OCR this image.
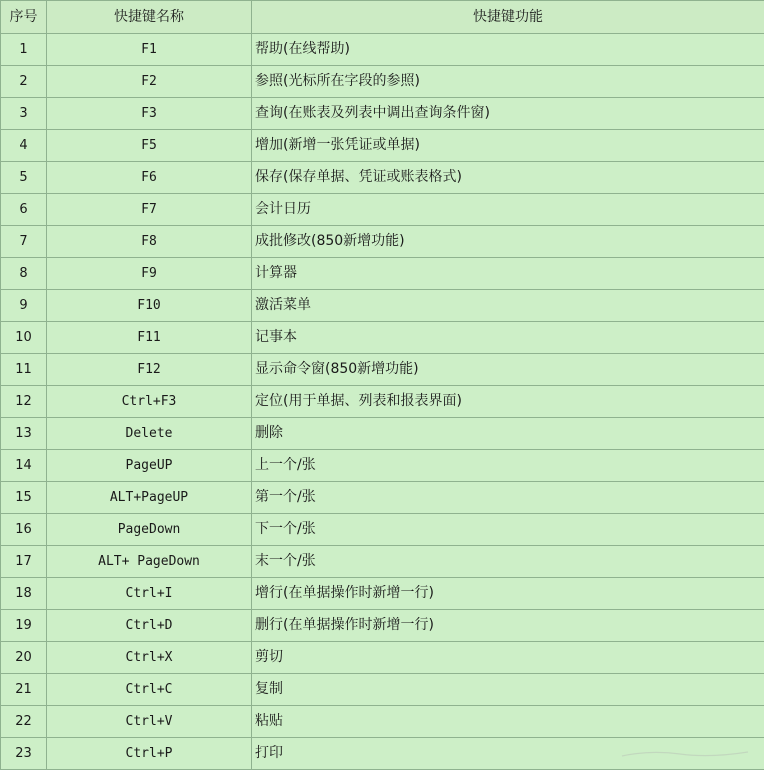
序号	快捷键名称	快捷键功能
1	F1	帮助(在线帮助)
2	F2	参照(光标所在字段的参照)
3	F3	查询(在账表及列表中调出查询条件窗)
4	F5	增加(新增一张凭证或单据)
5	F6	保存(保存单据、凭证或账表格式)
6	F7	会计日历
7	F8	成批修改(850新增功能)
8	F9	计算器
9	F10	激活菜单
10	F11	记事本
11	F12	显示命令窗(850新增功能)
12	Ctrl+F3	定位(用于单据、列表和报表界面)
13	Delete	删除
14	PageUP	上一个/张
15	ALT+PageUP	第一个/张
16	PageDown	下一个/张
17	ALT+ PageDown	末一个/张
18	Ctrl+I	增行(在单据操作时新增一行)
19	Ctrl+D	删行(在单据操作时新增一行)
20	Ctrl+X	剪切
21	Ctrl+C	复制
22	Ctrl+V	粘贴
23	Ctrl+P	打印
